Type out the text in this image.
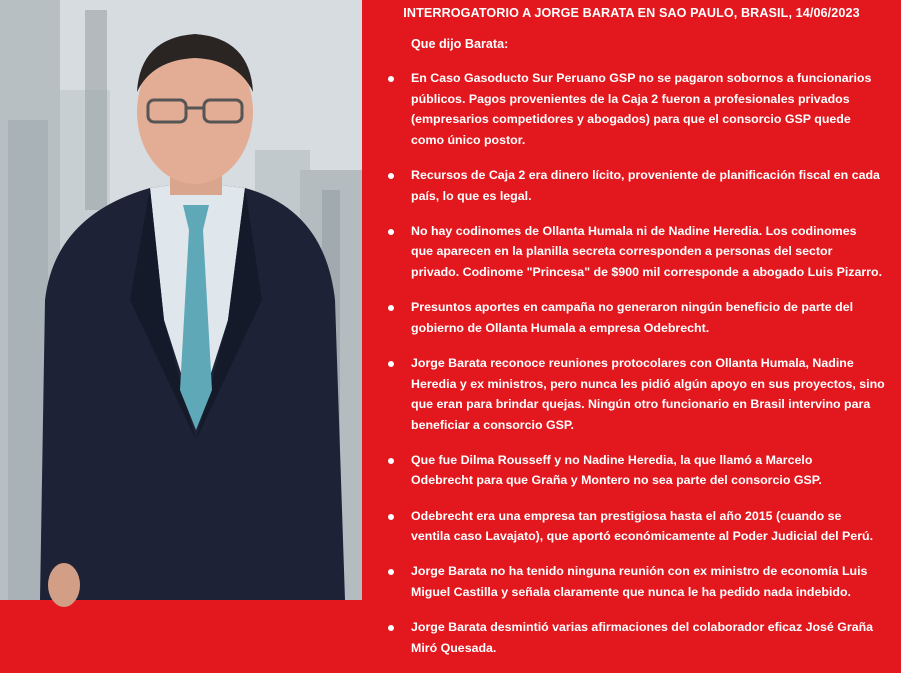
INTERROGATORIO A JORGE BARATA EN SAO PAULO, BRASIL, 14/06/2023
Que dijo Barata:
En Caso Gasoducto Sur Peruano GSP no se pagaron sobornos a funcionarios
públicos. Pagos provenientes de la Caja 2 fueron a profesionales privados
(empresarios competidores y abogados) para que el consorcio GSP quede
como único postor.
Recursos de Caja 2 era dinero lícito, proveniente de planificación fiscal en cada
país, lo que es legal.
No hay codinomes de Ollanta Humala ni de Nadine Heredia. Los codinomes
que aparecen en la planilla secreta corresponden a personas del sector
privado. Codinome "Princesa" de $900 mil corresponde a abogado Luis Pizarro.
Presuntos aportes en campaña no generaron ningún beneficio de parte del
gobierno de Ollanta Humala a empresa Odebrecht.
Jorge Barata reconoce reuniones protocolares con Ollanta Humala, Nadine
Heredia y ex ministros, pero nunca les pidió algún apoyo en sus proyectos, sino
que eran para brindar quejas. Ningún otro funcionario en Brasil intervino para
beneficiar a consorcio GSP.
Que fue Dilma Rousseff y no Nadine Heredia, la que llamó a Marcelo
Odebrecht para que Graña y Montero no sea parte del consorcio GSP.
Odebrecht era una empresa tan prestigiosa hasta el año 2015 (cuando se
ventila caso Lavajato), que aportó económicamente al Poder Judicial del Perú.
Jorge Barata no ha tenido ninguna reunión con ex ministro de economía Luis
Miguel Castilla y señala claramente que nunca le ha pedido nada indebido.
Jorge Barata desmintió varias afirmaciones del colaborador eficaz José Graña
Miró Quesada.
